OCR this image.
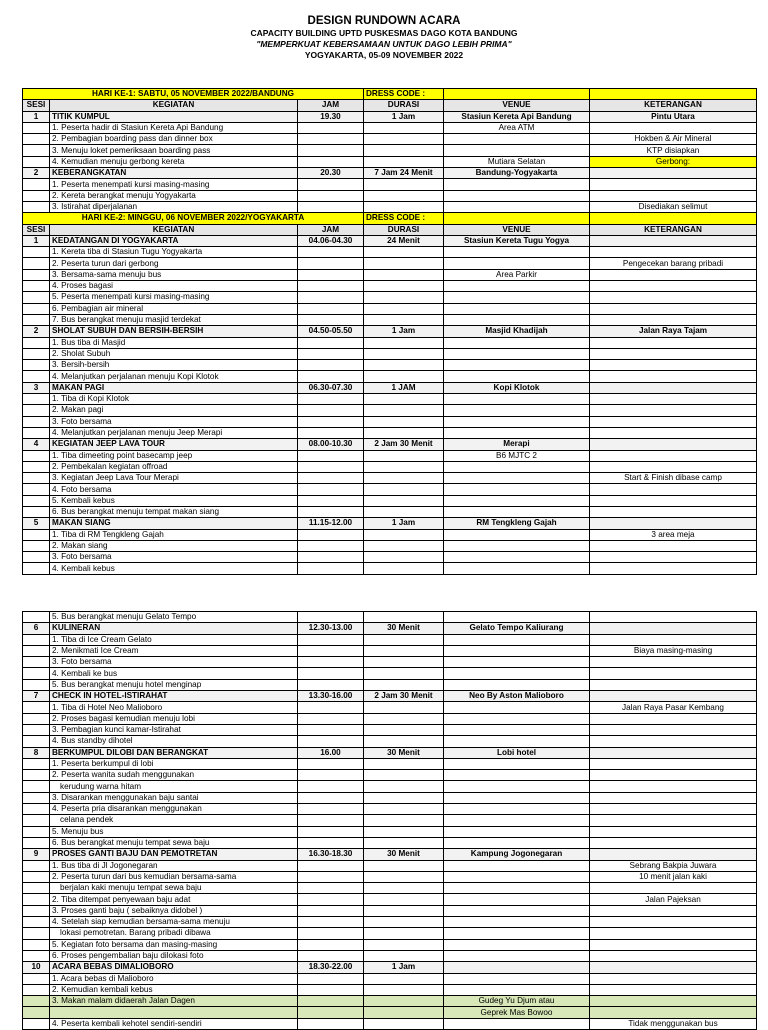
DESIGN RUNDOWN ACARA
CAPACITY BUILDING UPTD PUSKESMAS DAGO KOTA BANDUNG
"MEMPERKUAT KEBERSAMAAN UNTUK DAGO LEBIH PRIMA"
YOGYAKARTA, 05-09 NOVEMBER 2022
HARI KE-1: SABTU, 05 NOVEMBER 2022/BANDUNG			DRESS CODE :		
SESI	KEGIATAN	JAM	DURASI	VENUE	KETERANGAN
1	TITIK KUMPUL	19.30	1 Jam	Stasiun Kereta Api Bandung	Pintu Utara
	1. Peserta hadir di Stasiun Kereta Api Bandung			Area ATM	
	2. Pembagian boarding pass dan dinner box				Hokben & Air Mineral
	3. Menuju loket pemeriksaan boarding pass				KTP disiapkan
	4. Kemudian menuju gerbong kereta			Mutiara Selatan	Gerbong:
2	KEBERANGKATAN	20.30	7 Jam 24 Menit	Bandung-Yogyakarta	
	1. Peserta menempati kursi masing-masing				
	2. Kereta berangkat menuju Yogyakarta				
	3. Istirahat diperjalanan				Disediakan selimut
HARI KE-2: MINGGU, 06 NOVEMBER 2022/YOGYAKARTA			DRESS CODE :		
SESI	KEGIATAN	JAM	DURASI	VENUE	KETERANGAN
1	KEDATANGAN DI YOGYAKARTA	04.06-04.30	24 Menit	Stasiun Kereta Tugu Yogya	
	1. Kereta tiba di Stasiun Tugu Yogyakarta				
	2. Peserta turun dari gerbong				Pengecekan barang pribadi
	3. Bersama-sama menuju bus			Area Parkir	
	4. Proses bagasi				
	5. Peserta menempati kursi masing-masing				
	6. Pembagian air mineral				
	7. Bus berangkat menuju masjid terdekat				
2	SHOLAT SUBUH DAN BERSIH-BERSIH	04.50-05.50	1 Jam	Masjid Khadijah	Jalan Raya Tajam
	1. Bus tiba di Masjid				
	2. Sholat Subuh				
	3. Bersih-bersih				
	4. Melanjutkan perjalanan menuju Kopi Klotok				
3	MAKAN PAGI	06.30-07.30	1 JAM	Kopi Klotok	
	1. Tiba di Kopi Klotok				
	2. Makan pagi				
	3. Foto bersama				
	4. Melanjutkan perjalanan menuju Jeep Merapi				
4	KEGIATAN JEEP LAVA TOUR	08.00-10.30	2 Jam 30 Menit	Merapi	
	1. Tiba dimeeting point basecamp jeep			B6 MJTC 2	
	2. Pembekalan kegiatan offroad				
	3. Kegiatan Jeep Lava Tour Merapi				Start & Finish dibase camp
	4. Foto bersama				
	5. Kembali kebus				
	6. Bus berangkat menuju tempat makan siang				
5	MAKAN SIANG	11.15-12.00	1 Jam	RM Tengkleng Gajah	
	1. Tiba di RM Tengkleng Gajah				3 area meja
	2. Makan siang				
	3. Foto bersama				
	4. Kembali kebus				
	5. Bus berangkat menuju Gelato Tempo				
6	KULINERAN	12.30-13.00	30 Menit	Gelato Tempo Kaliurang	
	1. Tiba di Ice Cream Gelato				
	2. Menikmati Ice Cream				Biaya masing-masing
	3. Foto bersama				
	4. Kembali ke bus				
	5. Bus berangkat menuju hotel menginap				
7	CHECK IN HOTEL-ISTIRAHAT	13.30-16.00	2 Jam 30 Menit	Neo By Aston Malioboro	
	1. Tiba di Hotel Neo Malioboro				Jalan Raya Pasar Kembang
	2. Proses bagasi kemudian menuju lobi				
	3. Pembagian kunci kamar-Istirahat				
	4. Bus standby dihotel				
8	BERKUMPUL DILOBI DAN BERANGKAT	16.00	30 Menit	Lobi hotel	
	1. Peserta berkumpul di lobi				
	2. Peserta wanita sudah menggunakan				
	kerudung warna hitam				
	3. Disarankan menggunakan baju santai				
	4. Peserta pria disarankan menggunakan				
	celana pendek				
	5. Menuju bus				
	6. Bus berangkat menuju tempat sewa baju				
9	PROSES GANTI BAJU DAN PEMOTRETAN	16.30-18.30	30 Menit	Kampung Jogonegaran	
	1. Bus tiba di Jl Jogonegaran				Sebrang Bakpia Juwara
	2. Peserta turun dari bus kemudian bersama-sama				10 menit jalan kaki
	berjalan kaki menuju tempat sewa baju				
	2. Tiba ditempat penyewaan baju adat				Jalan Pajeksan
	3. Proses ganti baju ( sebaiknya didobel )				
	4. Setelah siap kemudian bersama-sama menuju				
	lokasi pemotretan. Barang pribadi dibawa				
	5. Kegiatan foto bersama dan masing-masing				
	6. Proses pengembalian baju dilokasi foto				
10	ACARA BEBAS DIMALIOBORO	18.30-22.00	1 Jam		
	1. Acara bebas di Malioboro				
	2. Kemudian kembali kebus				
	3. Makan malam didaerah Jalan Dagen			Gudeg Yu Djum atau	
				Geprek Mas Bowoo	
	4. Peserta kembali kehotel sendiri-sendiri				Tidak menggunakan bus
